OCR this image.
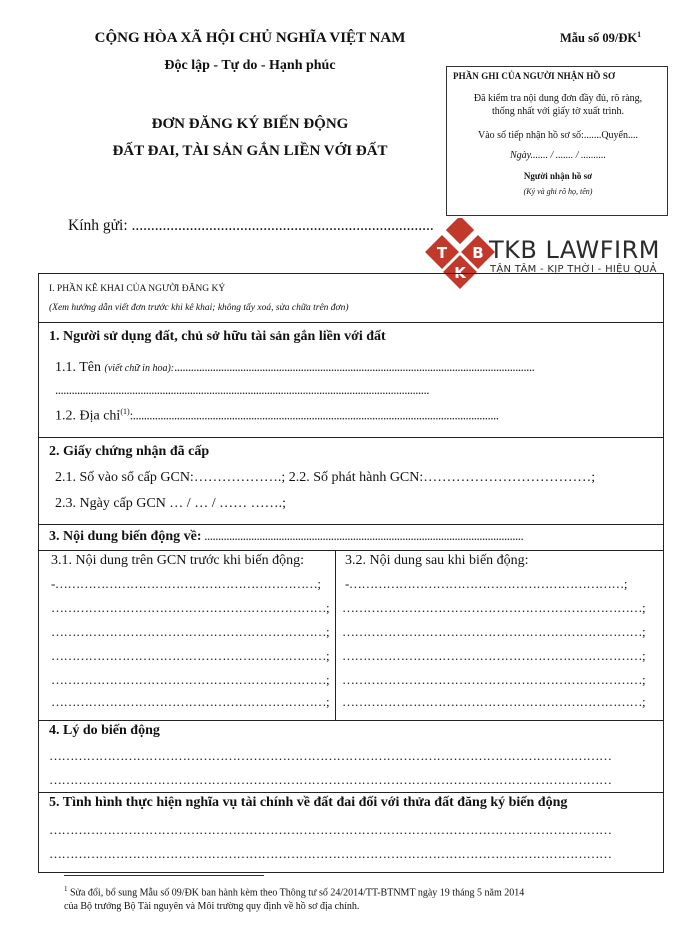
CỘNG HÒA XÃ HỘI CHỦ NGHĨA VIỆT NAM
Độc lập - Tự do - Hạnh phúc
Mẫu số $09/ĐK^1$
ĐƠN ĐĂNG KÝ BIẾN ĐỘNG
ĐẤT ĐAI, TÀI SẢN GẮN LIỀN VỚI ĐẤT
PHẦN GHI CỦA NGƯỜI NHẬN HỒ SƠ
Đã kiểm tra nội dung đơn đầy đủ, rõ ràng,
thống nhất với giấy tờ xuất trình.
Vào sổ tiếp nhận hồ sơ số:.......Quyển....
Ngày....... / ....... / ..........
Người nhận hồ sơ
(Ký và ghi rõ họ, tên)
Kính gửi: ..............................................................................
T B
K
TKB LAWFIRM
TẬN TÂM - KỊP THỜI - HIỆU QUẢ
I. PHẦN KÊ KHAI CỦA NGƯỜI ĐĂNG KÝ
(Xem hướng dẫn viết đơn trước khi kê khai; không tẩy xoá, sửa chữa trên đơn)
1. Người sử dụng đất, chủ sở hữu tài sản gắn liền với đất
1.1. Tên (viết chữ in hoa):...................................................................................................................................
........................................................................................................................................
1.2. Địa chỉ$^{(1)}$:.....................................................................................................................................
2. Giấy chứng nhận đã cấp
2.1. Số vào sổ cấp GCN:……………….; 2.2. Số phát hành GCN:………………………………;
2.3. Ngày cấp GCN … / … / …… …….;
3. Nội dung biến động về: ....................................................................................................................
3.1. Nội dung trên GCN trước khi biến động:	3.2. Nội dung sau khi biến động:
-………………………………………………………;
…………………………………………………………;
…………………………………………………………;
…………………………………………………………;
…………………………………………………………;
…………………………………………………………;
-…………………………………………………………;
………………………………………………………………;
………………………………………………………………;
………………………………………………………………;
………………………………………………………………;
………………………………………………………………;
4. Lý do biến động
………………………………………………………………………………………………………………………
………………………………………………………………………………………………………………………
5. Tình hình thực hiện nghĩa vụ tài chính về đất đai đối với thửa đất đăng ký biến động
………………………………………………………………………………………………………………………
………………………………………………………………………………………………………………………
$^1$ Sửa đổi, bổ sung Mẫu số 09/ĐK ban hành kèm theo Thông tư số 24/2014/TT-BTNMT ngày 19 tháng 5 năm 2014
của Bộ trưởng Bộ Tài nguyên và Môi trường quy định về hồ sơ địa chính.
